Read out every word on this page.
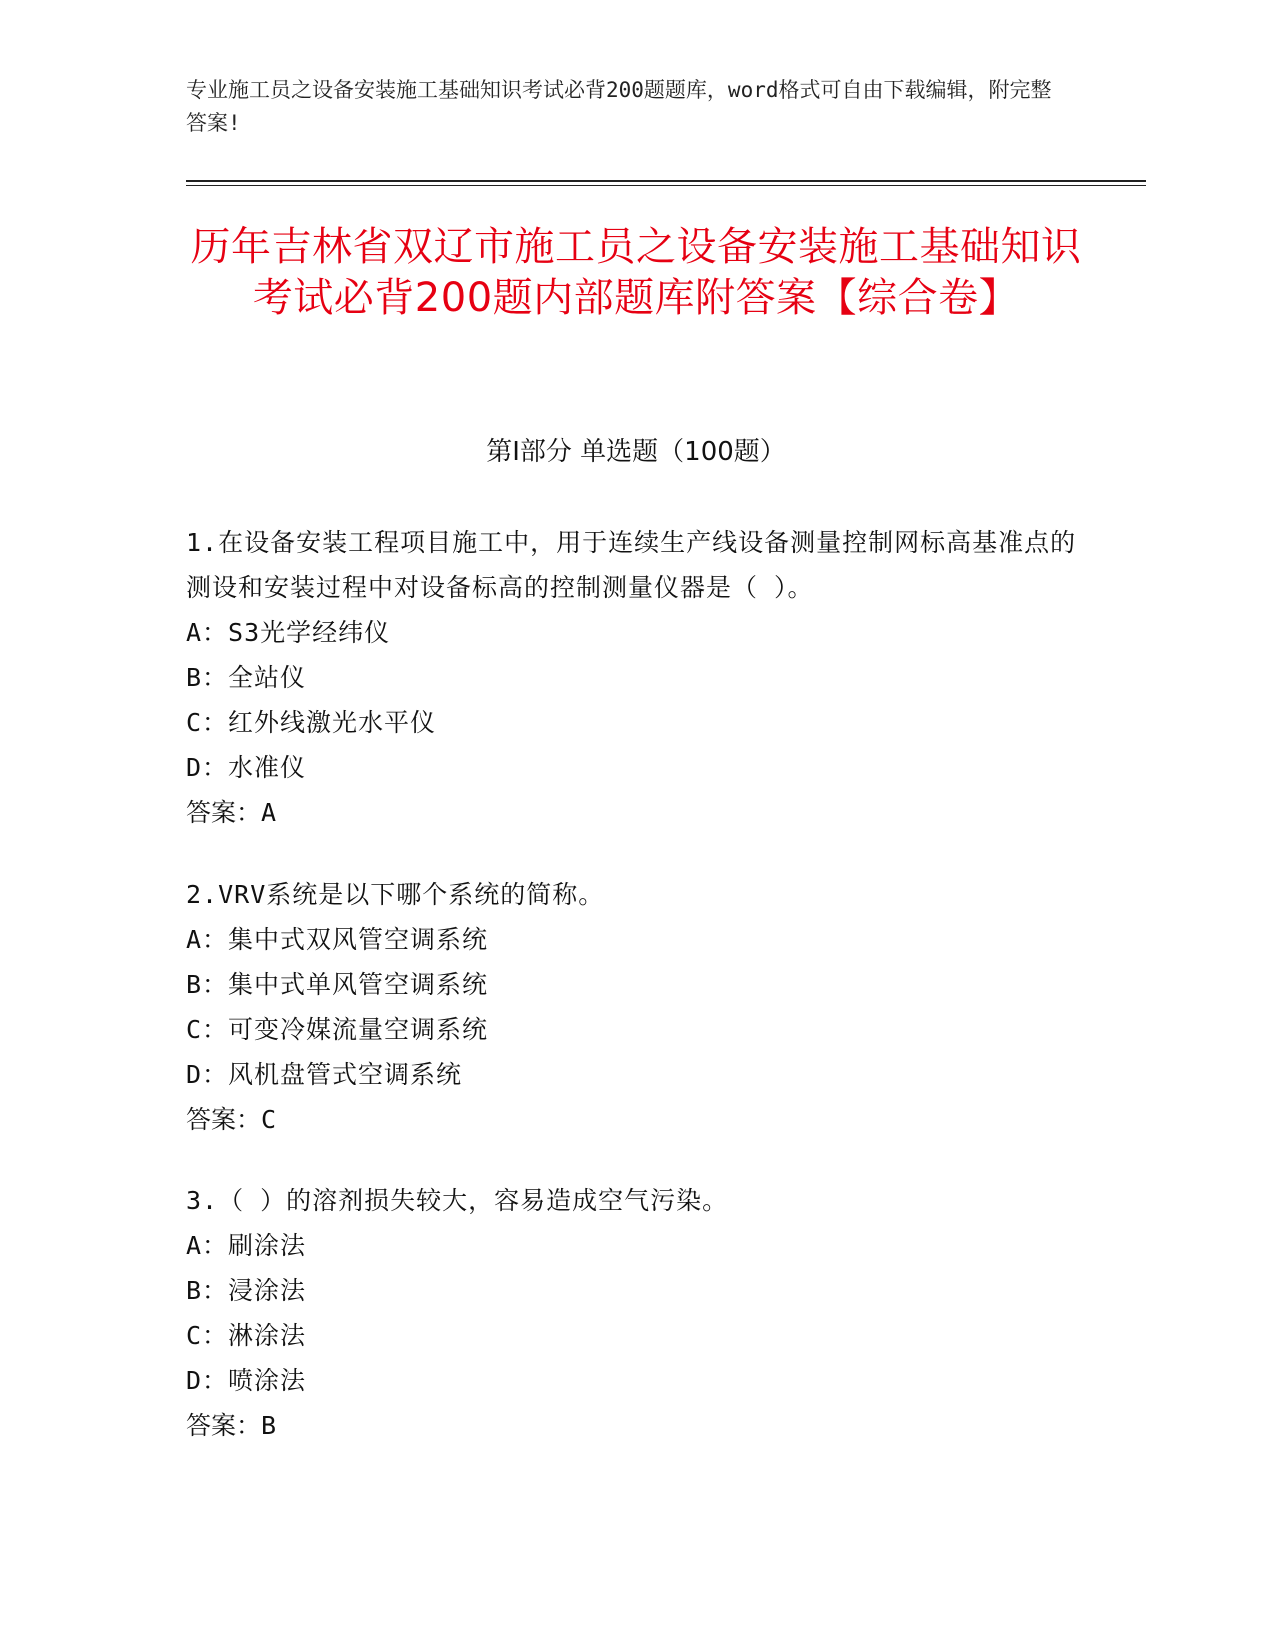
专业施工员之设备安装施工基础知识考试必背200题题库，word格式可自由下载编辑，附完整答案!
历年吉林省双辽市施工员之设备安装施工基础知识考试必背200题内部题库附答案【综合卷】
第I部分 单选题（100题）

1.在设备安装工程项目施工中，用于连续生产线设备测量控制网标高基准点的测设和安装过程中对设备标高的控制测量仪器是（ ）。

A：S3光学经纬仪

B：全站仪

C：红外线激光水平仪

D：水准仪

答案：A

2.VRV系统是以下哪个系统的简称。

A：集中式双风管空调系统

B：集中式单风管空调系统

C：可变冷媒流量空调系统

D：风机盘管式空调系统

答案：C

3.（ ）的溶剂损失较大，容易造成空气污染。

A：刷涂法

B：浸涂法

C：淋涂法

D：喷涂法

答案：B
